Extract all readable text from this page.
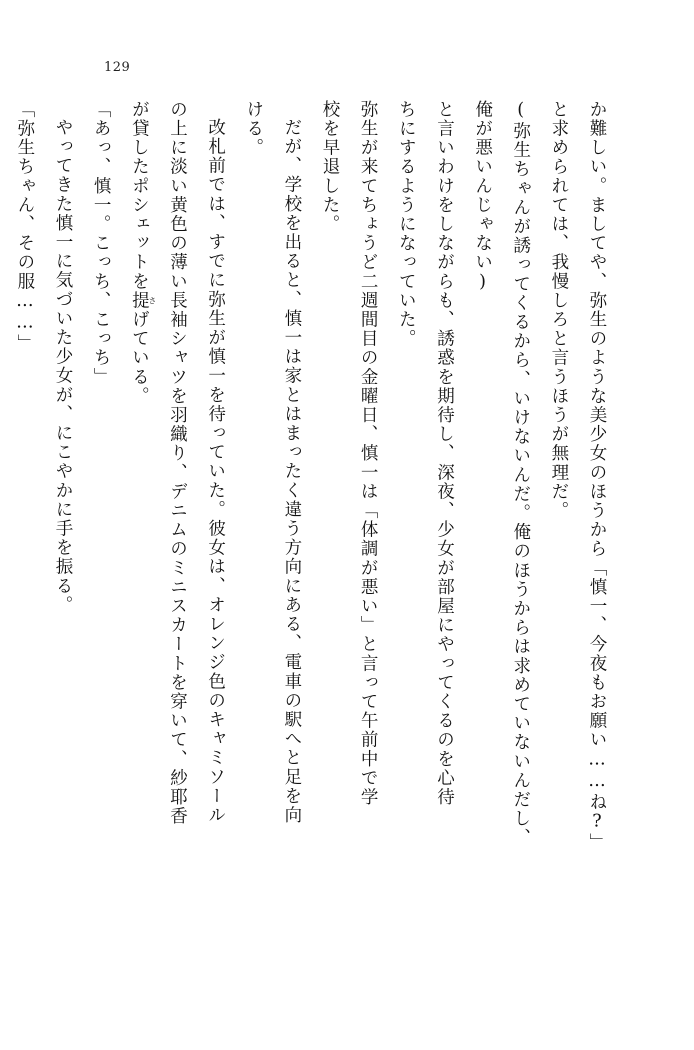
129

か難しい。ましてや、弥生のような美少女のほうから「慎一、今夜もお願い……ね?」

と求められては、我慢しろと言うほうが無理だ。

(弥生ちゃんが誘ってくるから、いけないんだ。俺のほうからは求めていないんだし、

俺が悪いんじゃない)

と言いわけをしながらも、誘惑を期待し、深夜、少女が部屋にやってくるのを心待

ちにするようになっていた。

弥生が来てちょうど二週間目の金曜日、慎一は「体調が悪い」と言って午前中で学

校を早退した。

だが、学校を出ると、慎一は家とはまったく違う方向にある、電車の駅へと足を向

ける。

改札前では、すでに弥生が慎一を待っていた。彼女は、オレンジ色のキャミソール

の上に淡い黄色の薄い長袖シャツを羽織り、デニムのミニスカートを穿いて、紗耶香

が貸したポシェットを提さげている。

「あっ、慎一。こっち、こっち」

やってきた慎一に気づいた少女が、にこやかに手を振る。

「弥生ちゃん、その服……」
